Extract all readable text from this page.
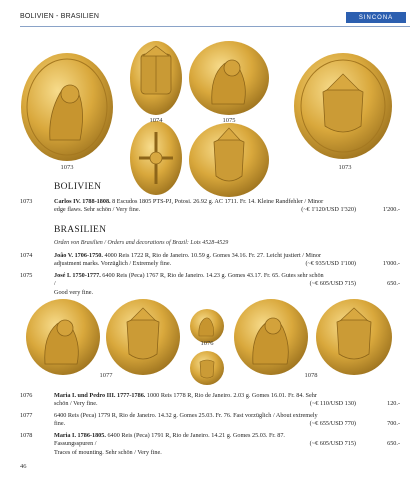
BOLIVIEN - BRASILIEN	SINCONA
1073
1074	1075
1073
BOLIVIEN
1073	Carlos IV. 1788-1808. 8 Escudos 1805 PTS-PJ, Potosi. 26.92 g. AC 1711. Fr. 14. Kleine Randfehler / Minor
edge flaws. Sehr schön / Very fine.	(~€ 1'120/USD 1'320)	1'200.-
BRASILIEN
Orden von Brasilien / Orders and decorations of Brazil: Lots 4528-4529
1074	João V. 1706-1750. 4000 Reis 1722 R, Rio de Janeiro. 10.59 g. Gomes 34.16. Fr. 27. Leicht justiert / Minor
adjustment marks. Vorzüglich / Extremely fine.	(~€ 935/USD 1'100)	1'000.-
1075	José I. 1750-1777. 6400 Reis (Peca) 1767 R, Rio de Janeiro. 14.23 g. Gomes 43.17. Fr. 65. Gutes sehr schön /
Good very fine.
(~€ 605/USD 715)	650.-
1076
1077	1078
1076	Maria I. und Pedro III. 1777-1786. 1000 Reis 1778 R, Rio de Janeiro. 2.03 g. Gomes 16.01. Fr. 84. Sehr
schön / Very fine.	(~€ 110/USD 130)	120.-
1077	6400 Reis (Peca) 1779 R, Rio de Janeiro. 14.32 g. Gomes 25.03. Fr. 76. Fast vorzüglich / About extremely
fine.	(~€ 655/USD 770)	700.-
1078	Maria I. 1786-1805. 6400 Reis (Peca) 1791 R, Rio de Janeiro. 14.21 g. Gomes 25.03. Fr. 87. Fassungsspuren /
Traces of mounting. Sehr schön / Very fine.
(~€ 605/USD 715)	650.-
46
